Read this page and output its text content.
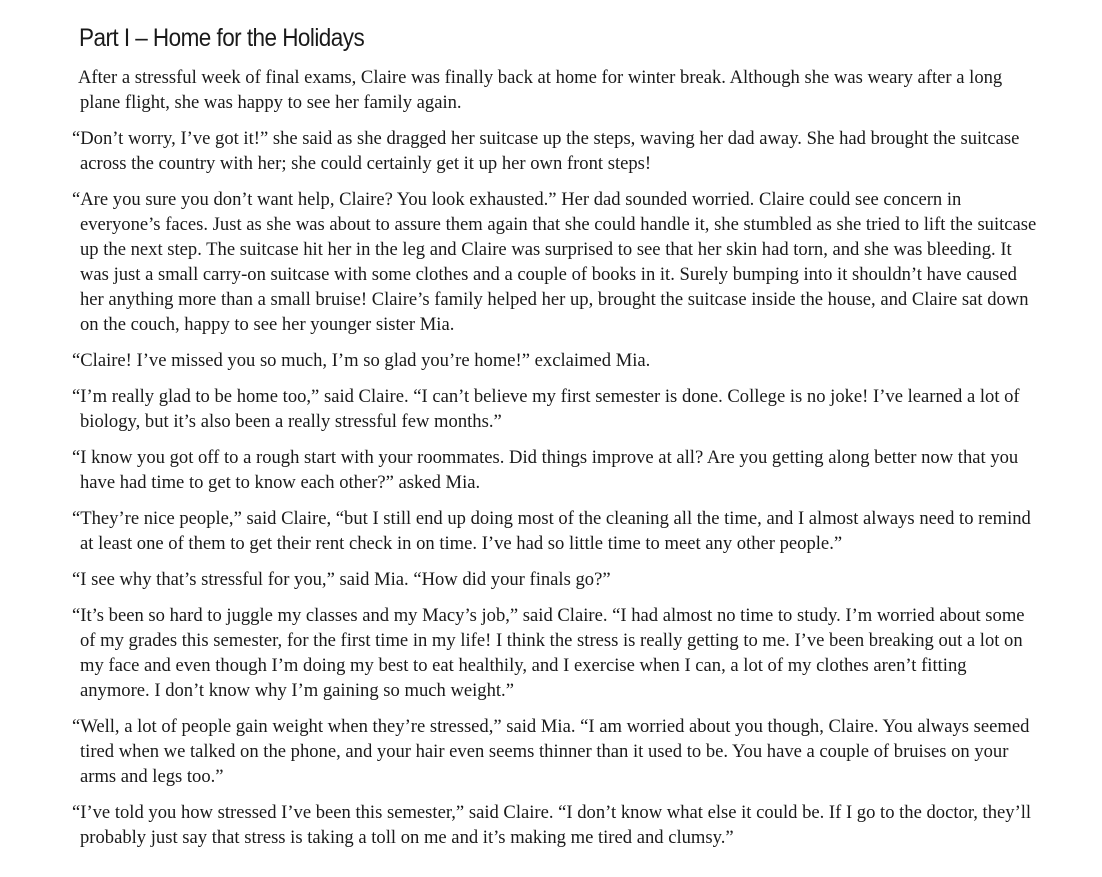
Part I – Home for the Holidays

After a stressful week of final exams, Claire was finally back at home for winter break. Although she was weary after a long plane flight, she was happy to see her family again.

“Don’t worry, I’ve got it!” she said as she dragged her suitcase up the steps, waving her dad away. She had brought the suitcase across the country with her; she could certainly get it up her own front steps!

“Are you sure you don’t want help, Claire? You look exhausted.” Her dad sounded worried. Claire could see concern in everyone’s faces. Just as she was about to assure them again that she could handle it, she stumbled as she tried to lift the suitcase up the next step. The suitcase hit her in the leg and Claire was surprised to see that her skin had torn, and she was bleeding. It was just a small carry-on suitcase with some clothes and a couple of books in it. Surely bumping into it shouldn’t have caused her anything more than a small bruise! Claire’s family helped her up, brought the suitcase inside the house, and Claire sat down on the couch, happy to see her younger sister Mia.

“Claire! I’ve missed you so much, I’m so glad you’re home!” exclaimed Mia.

“I’m really glad to be home too,” said Claire. “I can’t believe my first semester is done. College is no joke! I’ve learned a lot of biology, but it’s also been a really stressful few months.”

“I know you got off to a rough start with your roommates. Did things improve at all? Are you getting along better now that you have had time to get to know each other?” asked Mia.

“They’re nice people,” said Claire, “but I still end up doing most of the cleaning all the time, and I almost always need to remind at least one of them to get their rent check in on time. I’ve had so little time to meet any other people.”

“I see why that’s stressful for you,” said Mia. “How did your finals go?”

“It’s been so hard to juggle my classes and my Macy’s job,” said Claire. “I had almost no time to study. I’m worried about some of my grades this semester, for the first time in my life! I think the stress is really getting to me. I’ve been breaking out a lot on my face and even though I’m doing my best to eat healthily, and I exercise when I can, a lot of my clothes aren’t fitting anymore. I don’t know why I’m gaining so much weight.”

“Well, a lot of people gain weight when they’re stressed,” said Mia. “I am worried about you though, Claire. You always seemed tired when we talked on the phone, and your hair even seems thinner than it used to be. You have a couple of bruises on your arms and legs too.”

“I’ve told you how stressed I’ve been this semester,” said Claire. “I don’t know what else it could be. If I go to the doctor, they’ll probably just say that stress is taking a toll on me and it’s making me tired and clumsy.”
